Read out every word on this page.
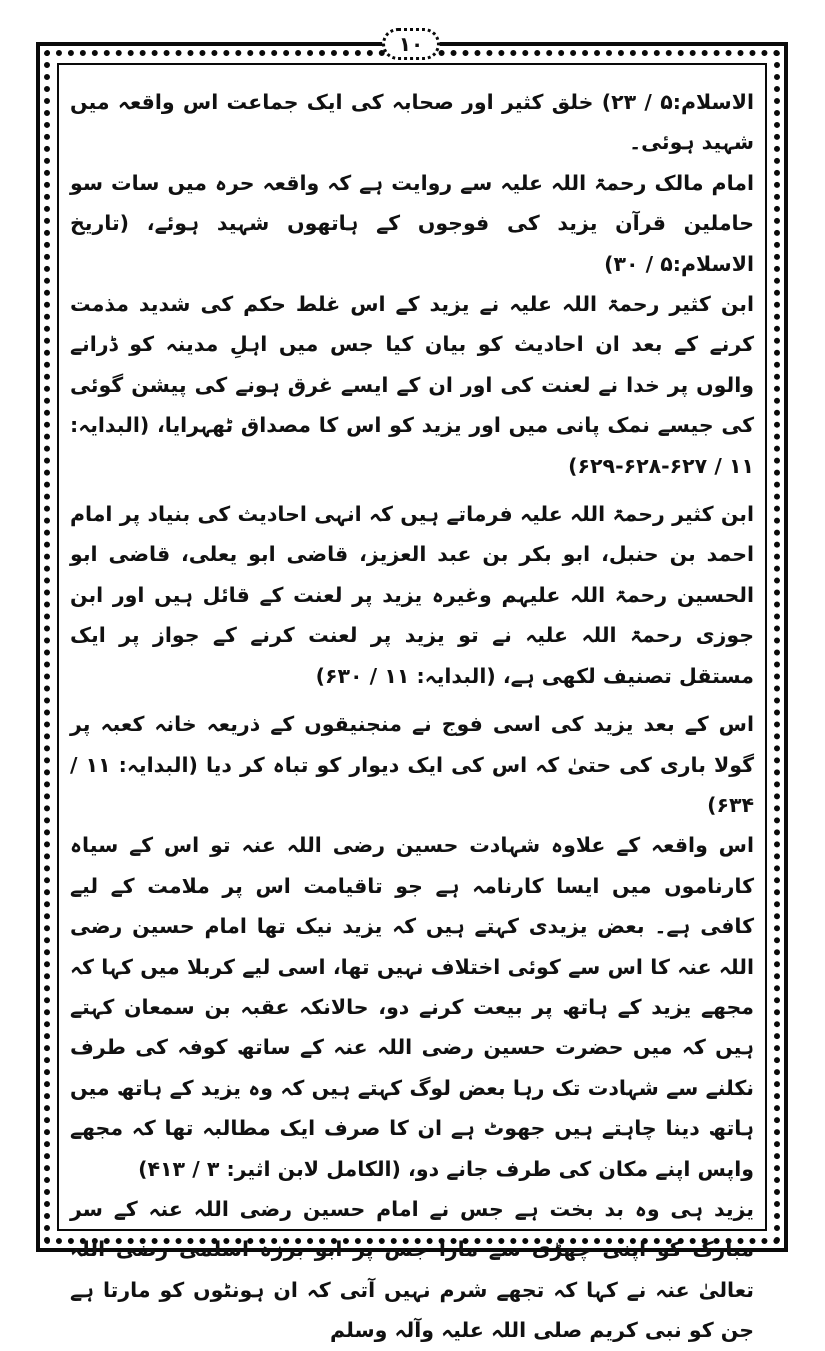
۱۰

الاسلام:۵ / ۲۳) خلق کثیر اور صحابہ کی ایک جماعت اس واقعہ میں شہید ہوئی۔

امام مالک رحمۃ اللہ علیہ سے روایت ہے کہ واقعہ حرہ میں سات سو حاملین قرآن یزید کی فوجوں کے ہاتھوں شہید ہوئے، (تاریخ الاسلام:۵ / ۳۰)

ابن کثیر رحمۃ اللہ علیہ نے یزید کے اس غلط حکم کی شدید مذمت کرنے کے بعد ان احادیث کو بیان کیا جس میں اہلِ مدینہ کو ڈرانے والوں پر خدا نے لعنت کی اور ان کے ایسے غرق ہونے کی پیشن گوئی کی جیسے نمک پانی میں اور یزید کو اس کا مصداق ٹھہرایا، (البدایہ: ۱۱ / ۶۲۷-۶۲۸-۶۲۹)

ابن کثیر رحمۃ اللہ علیہ فرماتے ہیں کہ انہی احادیث کی بنیاد پر امام احمد بن حنبل، ابو بکر بن عبد العزیز، قاضی ابو یعلی، قاضی ابو الحسین رحمۃ اللہ علیہم وغیرہ یزید پر لعنت کے قائل ہیں اور ابن جوزی رحمۃ اللہ علیہ نے تو یزید پر لعنت کرنے کے جواز پر ایک مستقل تصنیف لکھی ہے، (البدایہ: ۱۱ / ۶۳۰)

اس کے بعد یزید کی اسی فوج نے منجنیقوں کے ذریعہ خانہ کعبہ پر گولا باری کی حتیٰ کہ اس کی ایک دیوار کو تباہ کر دیا (البدایہ: ۱۱ / ۶۳۴)

اس واقعہ کے علاوہ شہادت حسین رضی اللہ عنہ تو اس کے سیاہ کارناموں میں ایسا کارنامہ ہے جو تاقیامت اس پر ملامت کے لیے کافی ہے۔ بعض یزیدی کہتے ہیں کہ یزید نیک تھا امام حسین رضی اللہ عنہ کا اس سے کوئی اختلاف نہیں تھا، اسی لیے کربلا میں کہا کہ مجھے یزید کے ہاتھ پر بیعت کرنے دو، حالانکہ عقبہ بن سمعان کہتے ہیں کہ میں حضرت حسین رضی اللہ عنہ کے ساتھ کوفہ کی طرف نکلنے سے شہادت تک رہا بعض لوگ کہتے ہیں کہ وہ یزید کے ہاتھ میں ہاتھ دینا چاہتے ہیں جھوٹ ہے ان کا صرف ایک مطالبہ تھا کہ مجھے واپس اپنے مکان کی طرف جانے دو، (الکامل لابن اثیر: ۳ / ۴۱۳)

یزید ہی وہ بد بخت ہے جس نے امام حسین رضی اللہ عنہ کے سر مبارک کو اپنی چھڑی سے مارا جس پر ابو برزہ اسلمی رضی اللہ تعالیٰ عنہ نے کہا کہ تجھے شرم نہیں آتی کہ ان ہونٹوں کو مارتا ہے جن کو نبی کریم صلی اللہ علیہ وآلہ وسلم
